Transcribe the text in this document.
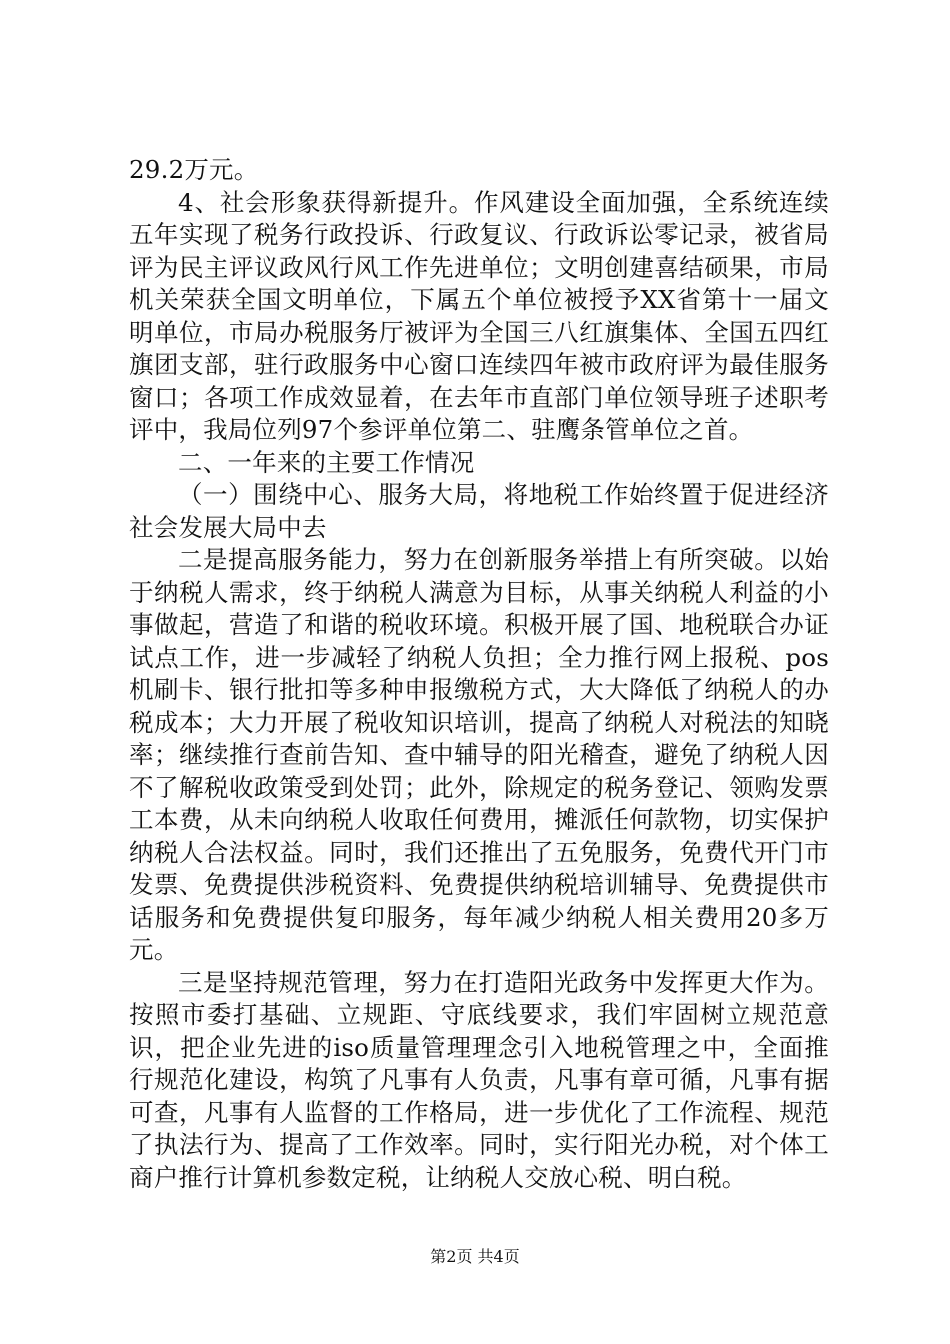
29.2万元。

4、社会形象获得新提升。作风建设全面加强，全系统连续五年实现了税务行政投诉、行政复议、行政诉讼零记录，被省局评为民主评议政风行风工作先进单位；文明创建喜结硕果，市局机关荣获全国文明单位，下属五个单位被授予XX省第十一届文明单位，市局办税服务厅被评为全国三八红旗集体、全国五四红旗团支部，驻行政服务中心窗口连续四年被市政府评为最佳服务窗口；各项工作成效显着，在去年市直部门单位领导班子述职考评中，我局位列97个参评单位第二、驻鹰条管单位之首。

二、一年来的主要工作情况

（一）围绕中心、服务大局，将地税工作始终置于促进经济社会发展大局中去

二是提高服务能力，努力在创新服务举措上有所突破。以始于纳税人需求，终于纳税人满意为目标，从事关纳税人利益的小事做起，营造了和谐的税收环境。积极开展了国、地税联合办证试点工作，进一步减轻了纳税人负担；全力推行网上报税、pos机刷卡、银行批扣等多种申报缴税方式，大大降低了纳税人的办税成本；大力开展了税收知识培训，提高了纳税人对税法的知晓率；继续推行查前告知、查中辅导的阳光稽查，避免了纳税人因不了解税收政策受到处罚；此外，除规定的税务登记、领购发票工本费，从未向纳税人收取任何费用，摊派任何款物，切实保护纳税人合法权益。同时，我们还推出了五免服务，免费代开门市发票、免费提供涉税资料、免费提供纳税培训辅导、免费提供市话服务和免费提供复印服务，每年减少纳税人相关费用20多万元。

三是坚持规范管理，努力在打造阳光政务中发挥更大作为。按照市委打基础、立规距、守底线要求，我们牢固树立规范意识，把企业先进的iso质量管理理念引入地税管理之中，全面推行规范化建设，构筑了凡事有人负责，凡事有章可循，凡事有据可查，凡事有人监督的工作格局，进一步优化了工作流程、规范了执法行为、提高了工作效率。同时，实行阳光办税，对个体工商户推行计算机参数定税，让纳税人交放心税、明白税。

第2页 共4页
